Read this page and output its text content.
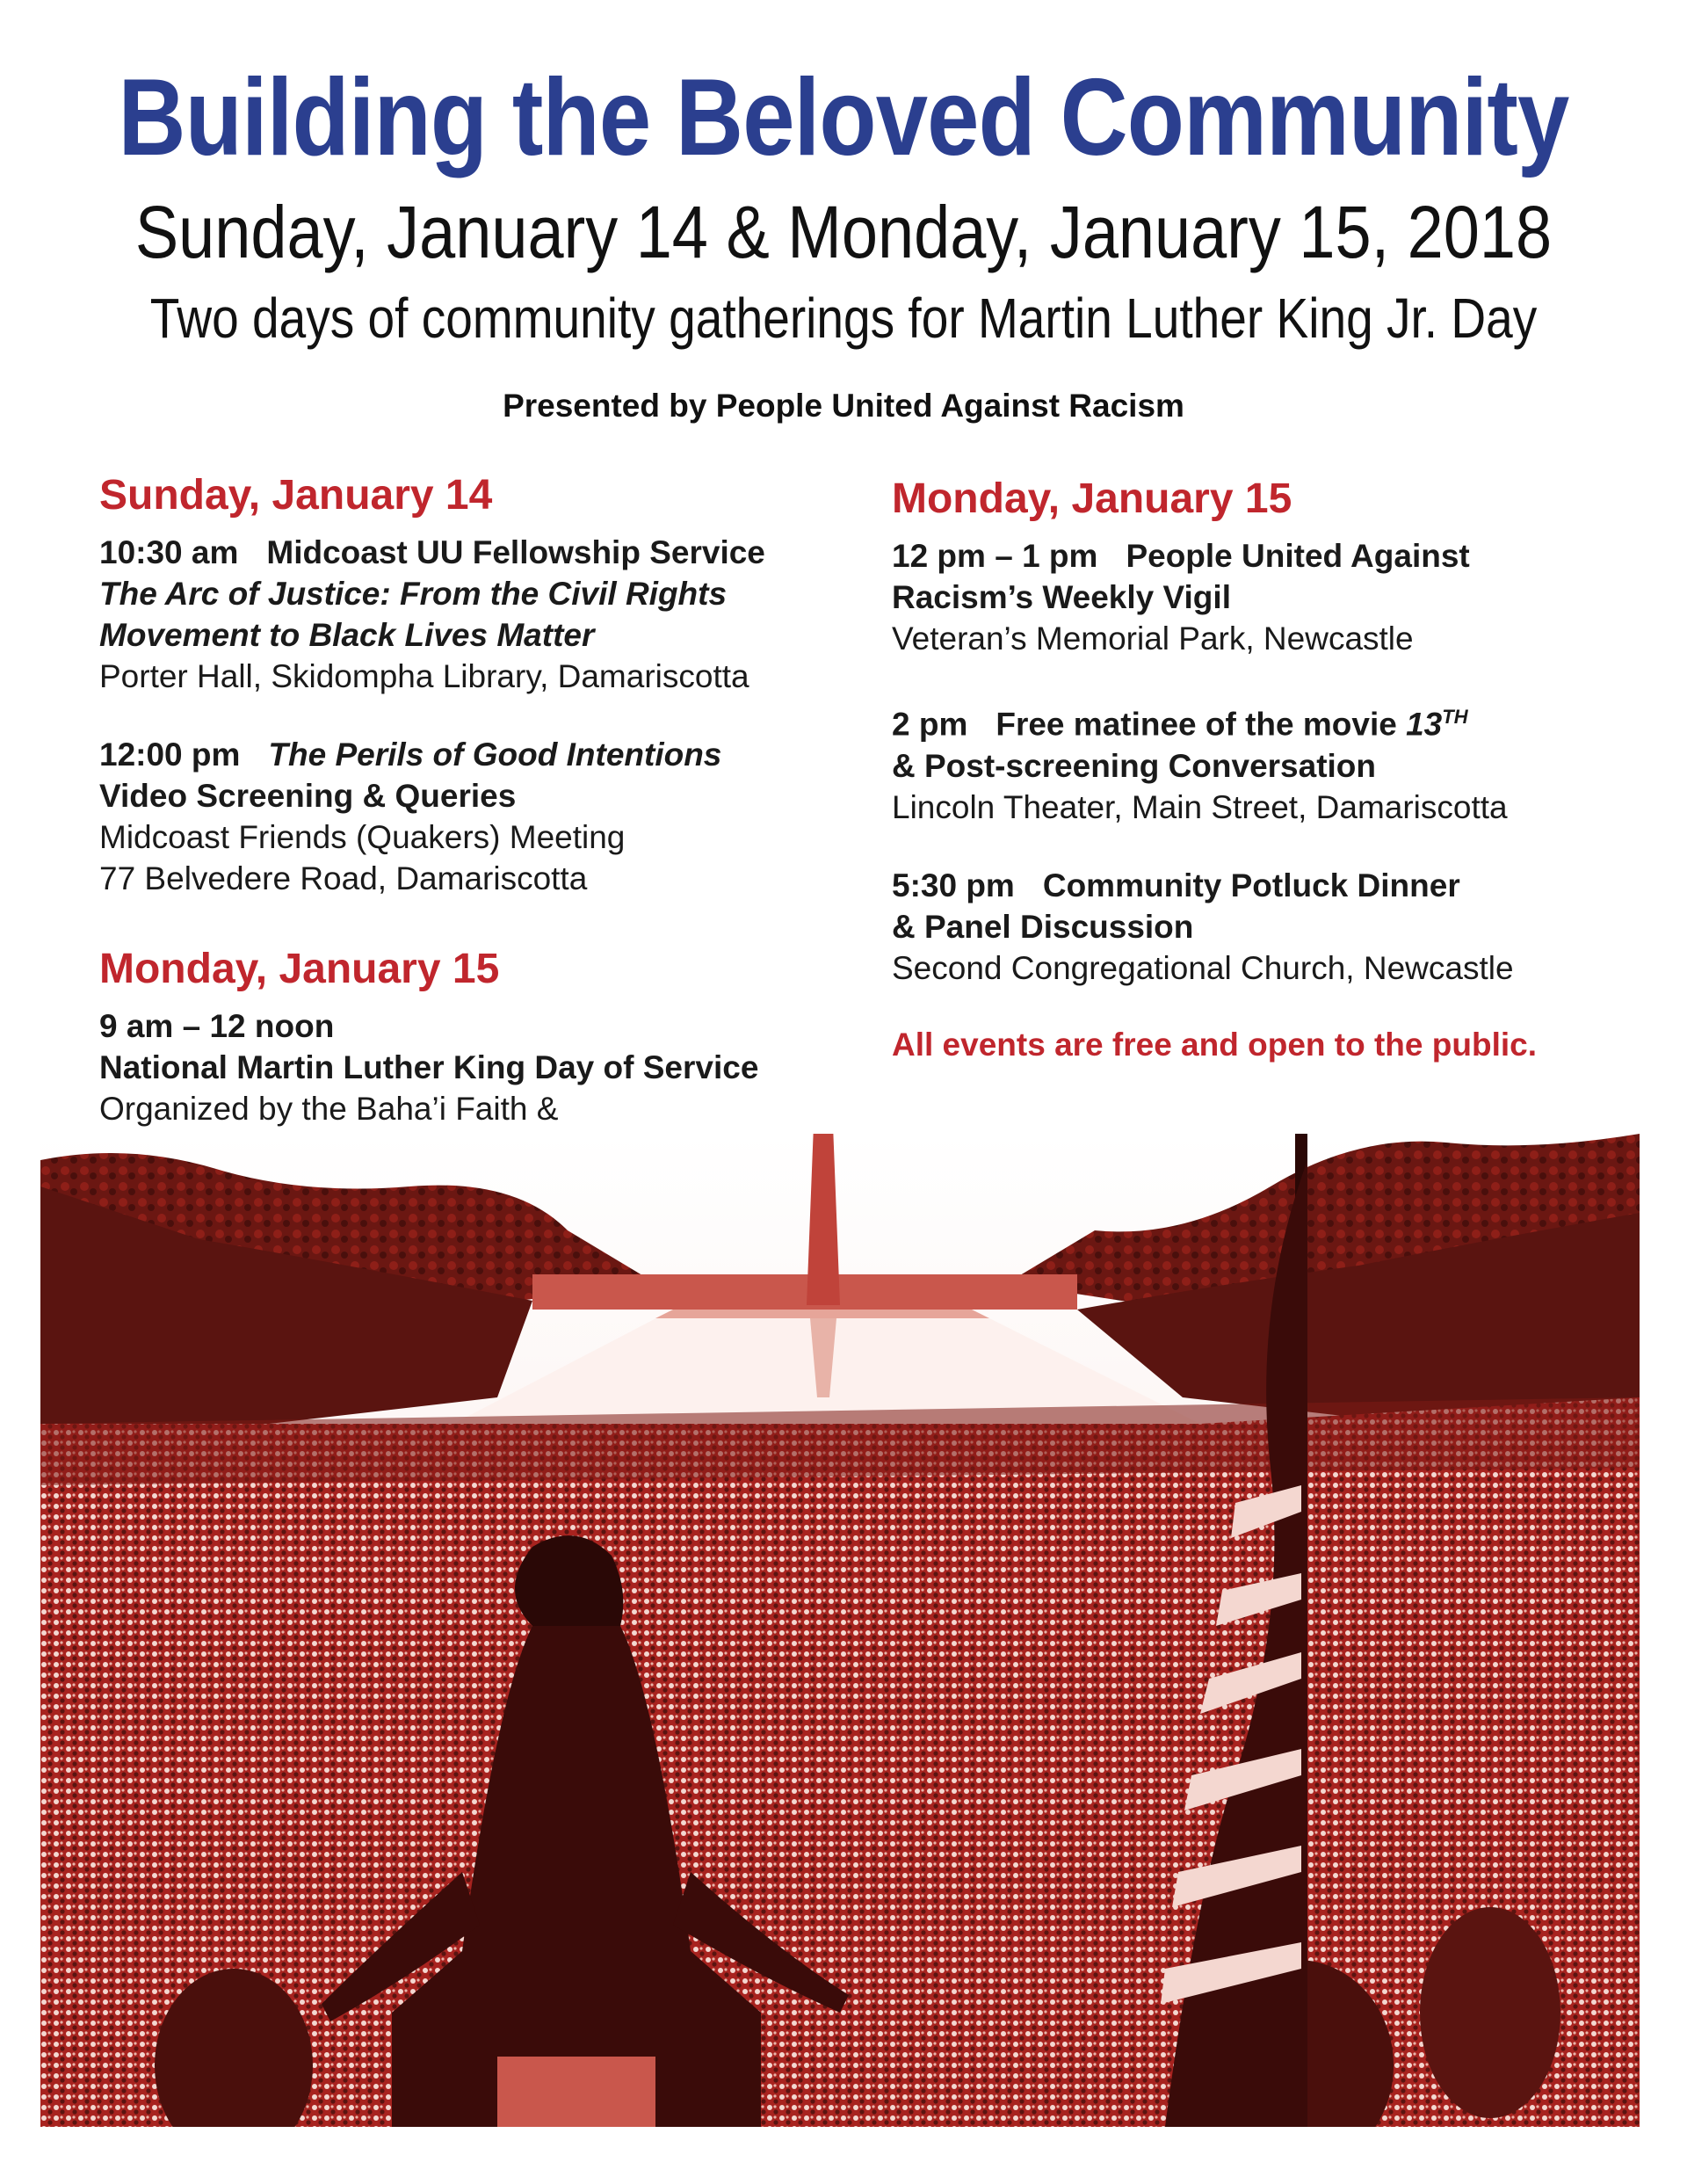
Building the Beloved Community

Sunday, January 14 & Monday, January 15, 2018

Two days of community gatherings for Martin Luther King Jr. Day

Presented by People United Against Racism

Sunday, January 14
10:30 am Midcoast UU Fellowship Service
The Arc of Justice: From the Civil Rights
Movement to Black Lives Matter
Porter Hall, Skidompha Library, Damariscotta
12:00 pm The Perils of Good Intentions
Video Screening & Queries
Midcoast Friends (Quakers) Meeting
77 Belvedere Road, Damariscotta
Monday, January 15
9 am – 12 noon
National Martin Luther King Day of Service
Organized by the Baha’i Faith &
Monday, January 15
12 pm – 1 pm People United Against
Racism’s Weekly Vigil
Veteran’s Memorial Park, Newcastle
2 pm Free matinee of the movie 13TH
& Post-screening Conversation
Lincoln Theater, Main Street, Damariscotta
5:30 pm Community Potluck Dinner
& Panel Discussion
Second Congregational Church, Newcastle
All events are free and open to the public.
